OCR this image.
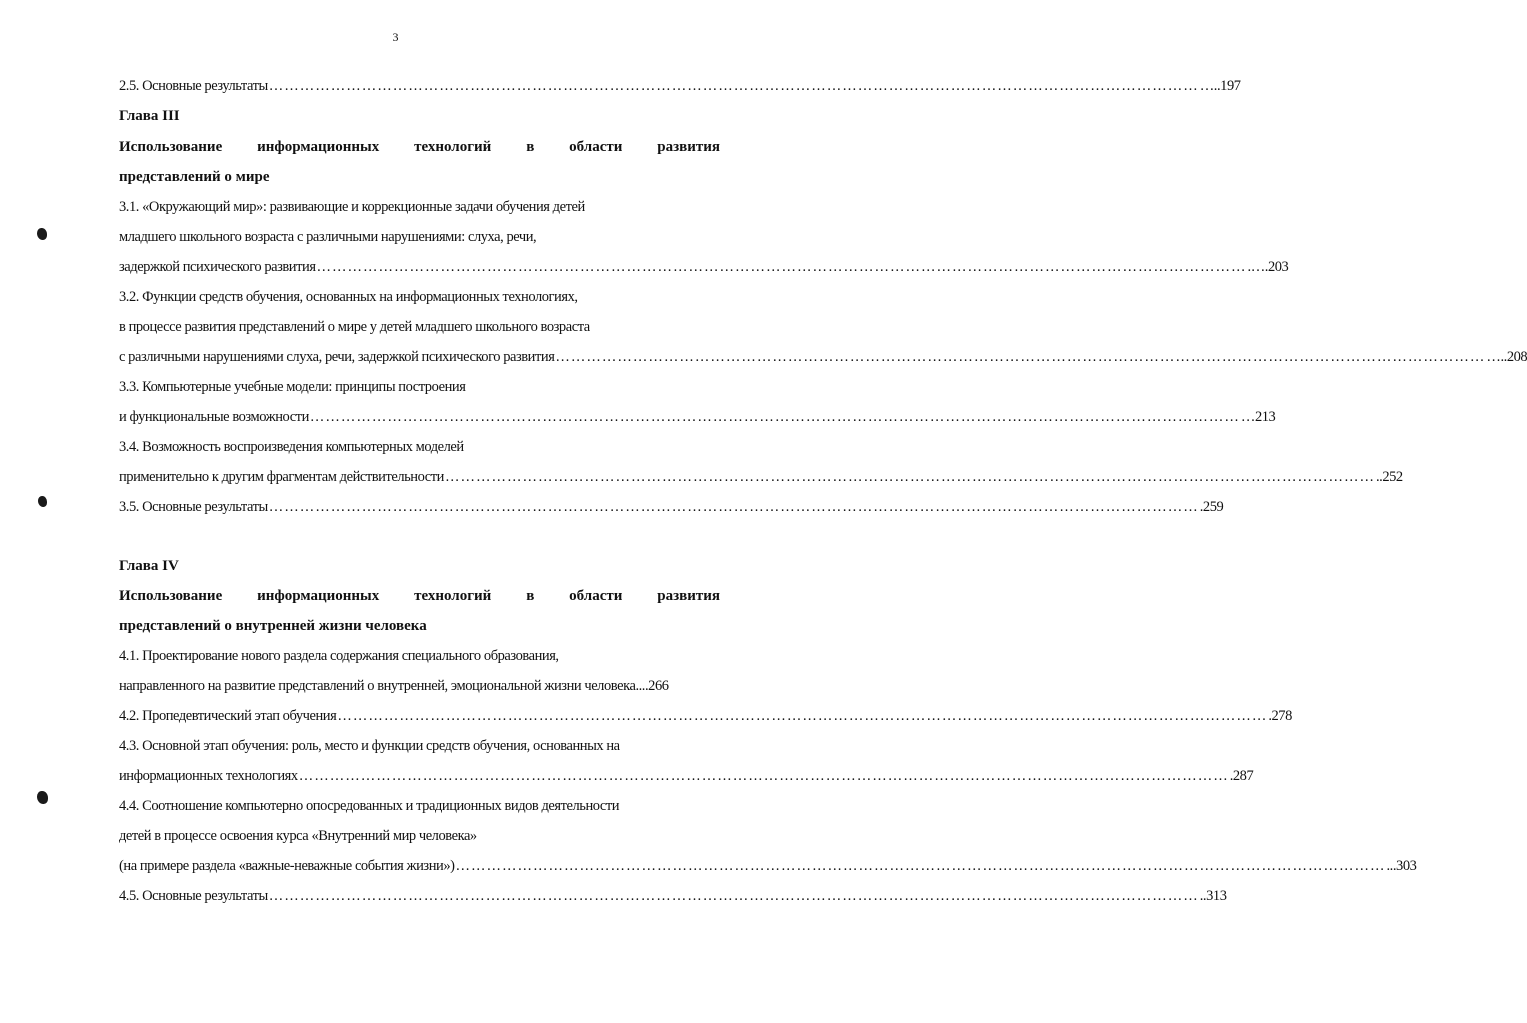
3
2.5. Основные результаты ………………………………………………………………………………………………………………………………………………………………	…..197
Глава III
Использование информационных технологий в области развития
представлений о мире
3.1. «Окружающий мир»: развивающие и коррекционные задачи обучения детей
младшего школьного возраста с различными нарушениями: слуха, речи,
задержкой психического развития ………………………………………………………………………………………………………………………………………………………………	.….203
3.2. Функции средств обучения, основанных на информационных технологиях,
в процессе развития представлений о мире у детей младшего школьного возраста
с различными нарушениями слуха, речи, задержкой психического развития ………………………………………………………………………………………………………………………………………………………………	…..208
3.3. Компьютерные учебные модели: принципы построения
и функциональные возможности ………………………………………………………………………………………………………………………………………………………………	…213
3.4. Возможность воспроизведения компьютерных моделей
применительно к другим фрагментам действительности ………………………………………………………………………………………………………………………………………………………………	..252
3.5. Основные результаты ………………………………………………………………………………………………………………………………………………………………	.259
Глава IV
Использование информационных технологий в области развития
представлений о внутренней жизни человека
4.1. Проектирование нового раздела содержания специального образования,
направленного на развитие представлений о внутренней, эмоциональной жизни человека ....266
4.2. Пропедевтический этап обучения ………………………………………………………………………………………………………………………………………………………………	.278
4.3. Основной этап обучения: роль, место и функции средств обучения, основанных на
информационных технологиях ………………………………………………………………………………………………………………………………………………………………	.287
4.4. Соотношение компьютерно опосредованных и традиционных видов деятельности
детей в процессе освоения курса «Внутренний мир человека»
(на примере раздела «важные-неважные события жизни») ………………………………………………………………………………………………………………………………………………………………	...303
4.5. Основные результаты ………………………………………………………………………………………………………………………………………………………………	..313
